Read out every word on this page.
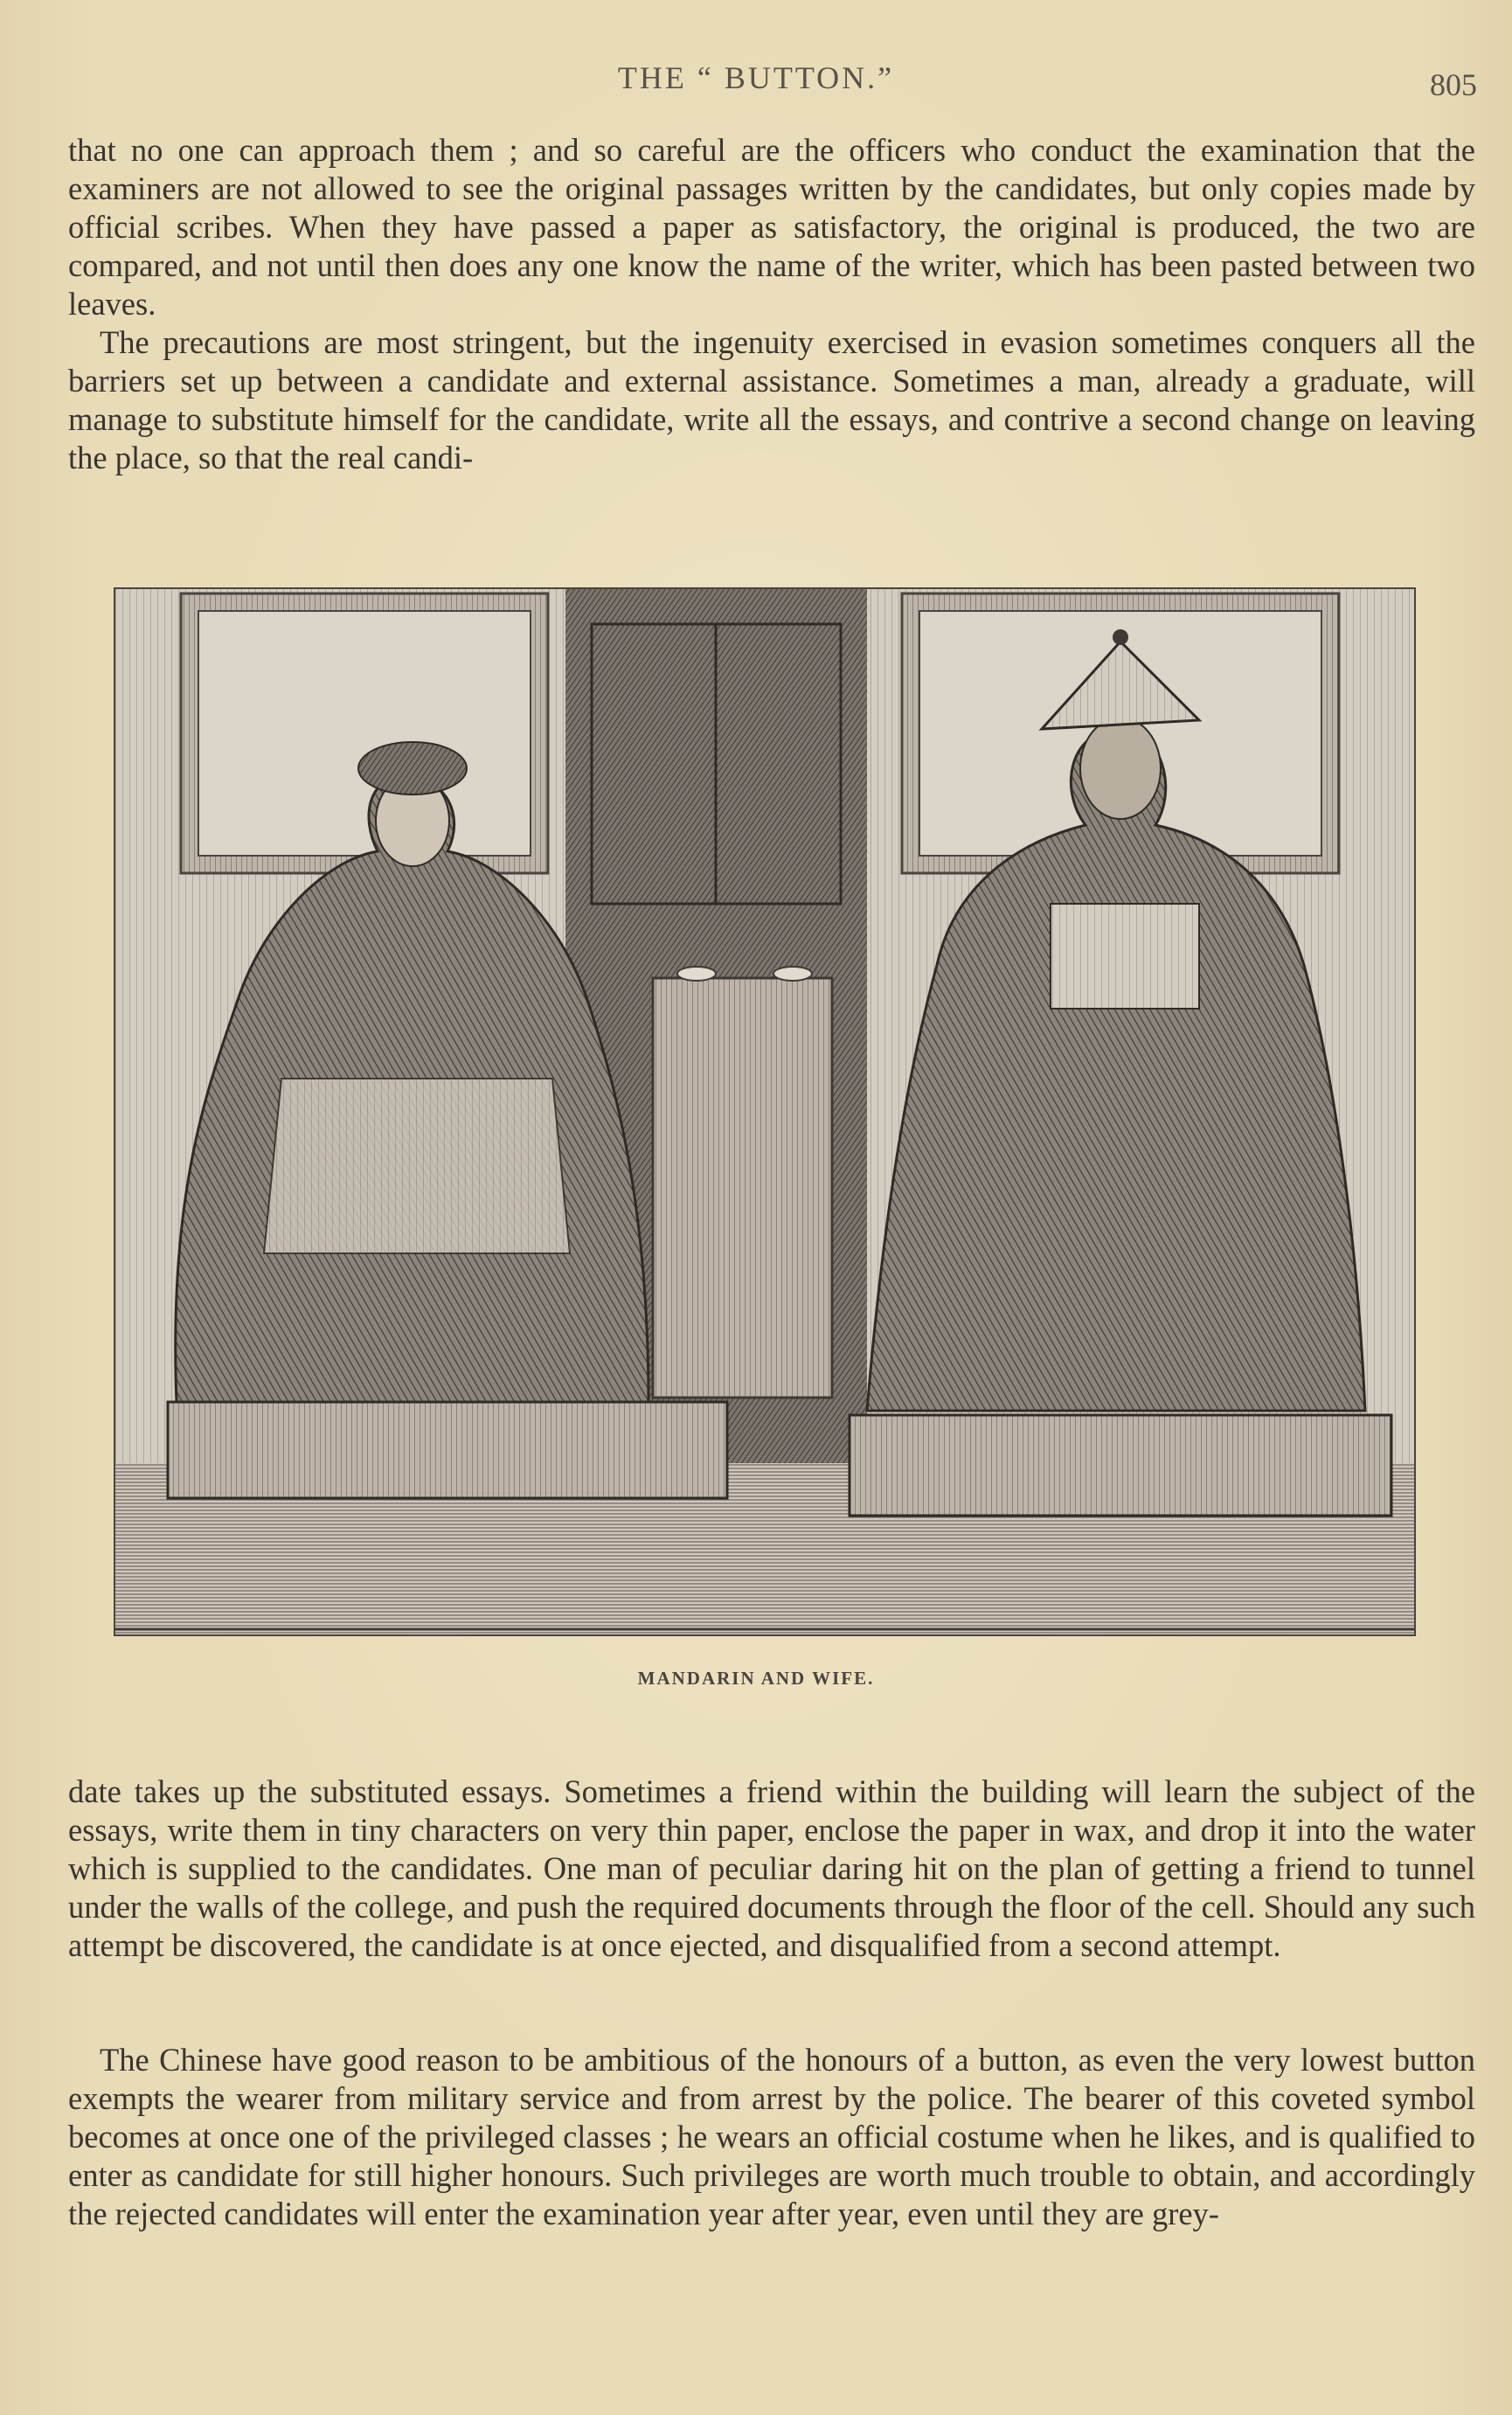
THE “ BUTTON.”	805

that no one can approach them ; and so careful are the officers who conduct the examination that the examiners are not allowed to see the original passages written by the candidates, but only copies made by official scribes. When they have passed a paper as satisfactory, the original is produced, the two are compared, and not until then does any one know the name of the writer, which has been pasted between two leaves.

The precautions are most stringent, but the ingenuity exercised in evasion sometimes conquers all the barriers set up between a candidate and external assistance. Sometimes a man, already a graduate, will manage to substitute himself for the candidate, write all the essays, and contrive a second change on leaving the place, so that the real candi-

MANDARIN AND WIFE.

date takes up the substituted essays. Sometimes a friend within the building will learn the subject of the essays, write them in tiny characters on very thin paper, enclose the paper in wax, and drop it into the water which is supplied to the candidates. One man of peculiar daring hit on the plan of getting a friend to tunnel under the walls of the college, and push the required documents through the floor of the cell. Should any such attempt be discovered, the candidate is at once ejected, and disqualified from a second attempt.

The Chinese have good reason to be ambitious of the honours of a button, as even the very lowest button exempts the wearer from military service and from arrest by the police. The bearer of this coveted symbol becomes at once one of the privileged classes ; he wears an official costume when he likes, and is qualified to enter as candidate for still higher honours. Such privileges are worth much trouble to obtain, and accordingly the rejected candidates will enter the examination year after year, even until they are grey-
